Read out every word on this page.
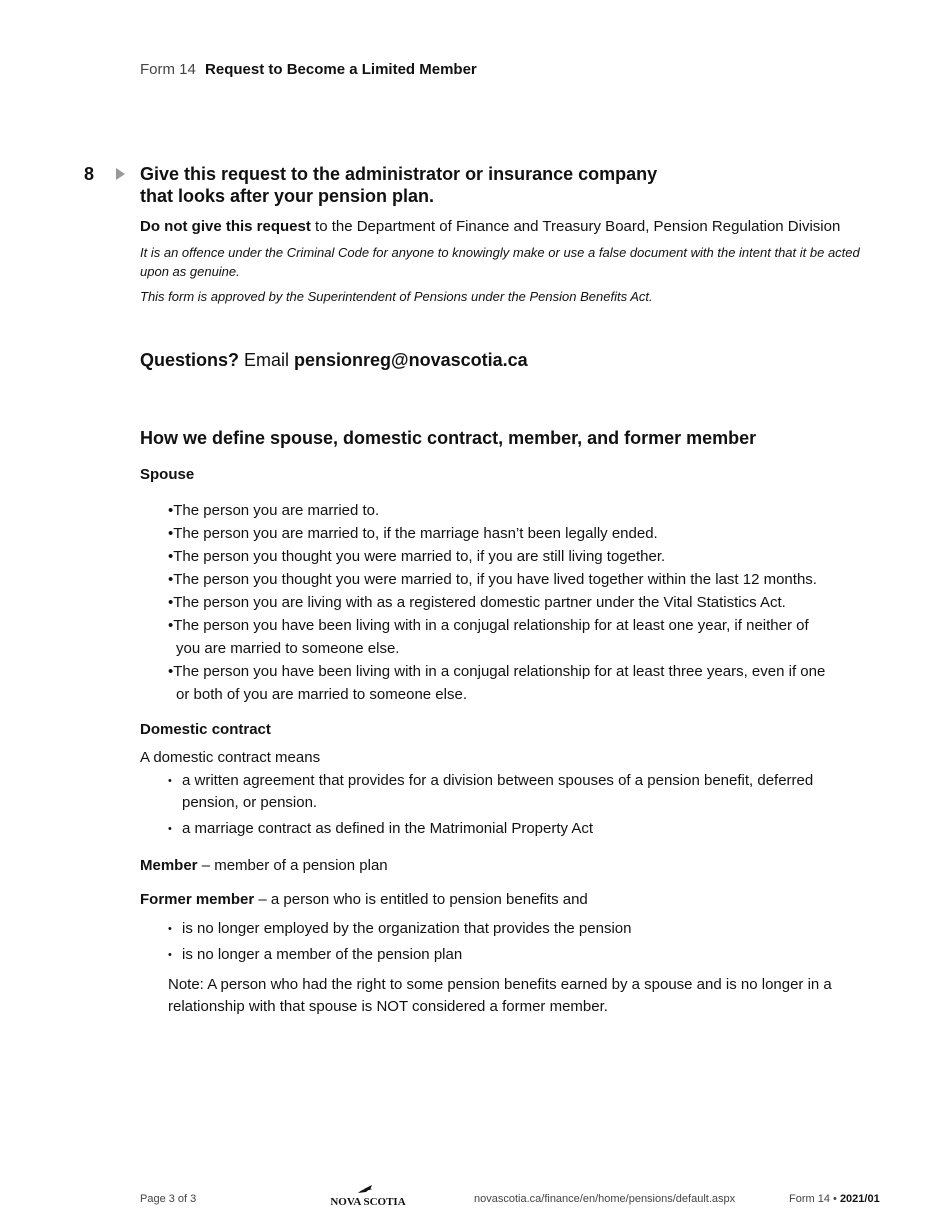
Form 14 Request to Become a Limited Member
8	Give this request to the administrator or insurance company
that looks after your pension plan.
Do not give this request to the Department of Finance and Treasury Board, Pension Regulation Division
It is an offence under the Criminal Code for anyone to knowingly make or use a false document with the intent that it be acted upon as genuine.
This form is approved by the Superintendent of Pensions under the Pension Benefits Act.
Questions? Email pensionreg@novascotia.ca
How we define spouse, domestic contract, member, and former member
Spouse
•The person you are married to.
•The person you are married to, if the marriage hasn’t been legally ended.
•The person you thought you were married to, if you are still living together.
•The person you thought you were married to, if you have lived together within the last 12 months.
•The person you are living with as a registered domestic partner under the Vital Statistics Act.
•The person you have been living with in a conjugal relationship for at least one year, if neither of
you are married to someone else.
•The person you have been living with in a conjugal relationship for at least three years, even if one
or both of you are married to someone else.
Domestic contract
A domestic contract means
• a written agreement that provides for a division between spouses of a pension benefit, deferred pension, or pension.
• a marriage contract as defined in the Matrimonial Property Act
Member – member of a pension plan
Former member – a person who is entitled to pension benefits and
• is no longer employed by the organization that provides the pension
• is no longer a member of the pension plan
Note: A person who had the right to some pension benefits earned by a spouse and is no longer in a relationship with that spouse is NOT considered a former member.
Page 3 of 3	NOVA SCOTIA	novascotia.ca/finance/en/home/pensions/default.aspx	Form 14 • 2021/01
